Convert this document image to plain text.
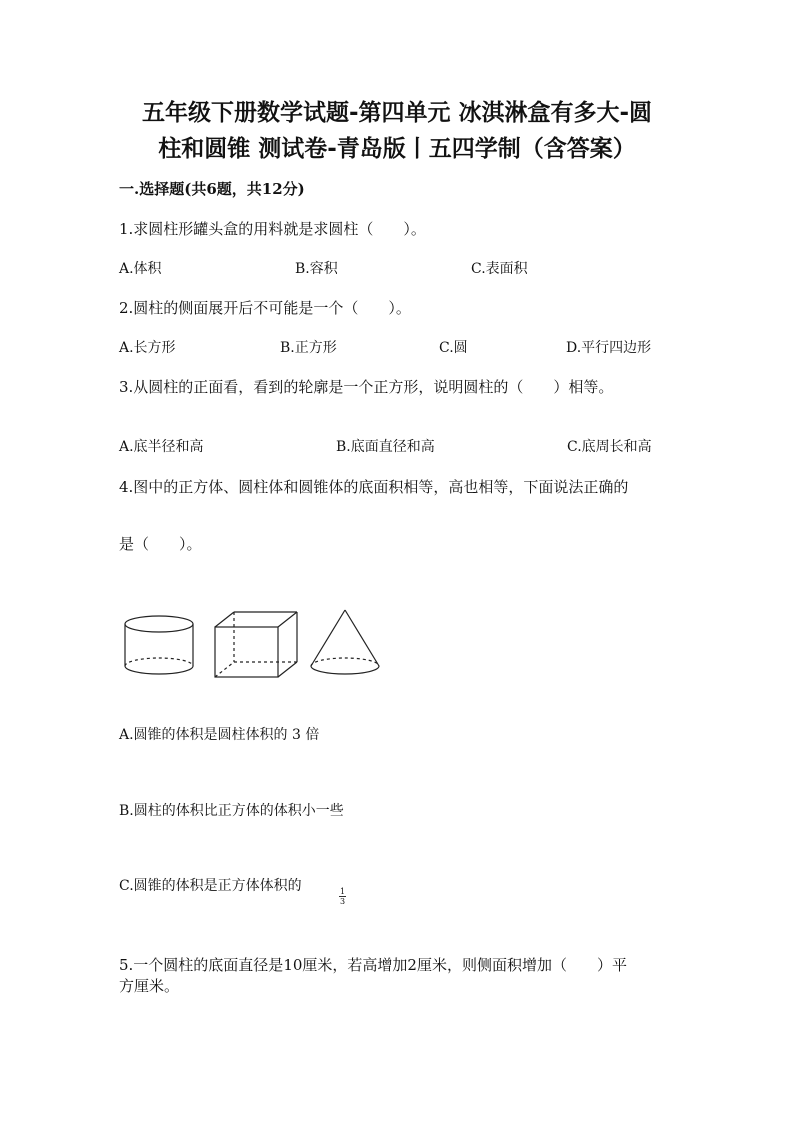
五年级下册数学试题-第四单元 冰淇淋盒有多大-圆
柱和圆锥 测试卷-青岛版丨五四学制（含答案）
一.选择题(共6题，共12分)
1.求圆柱形罐头盒的用料就是求圆柱（　　）。
A.体积	B.容积	C.表面积
2.圆柱的侧面展开后不可能是一个（　　）。
A.长方形	B.正方形	C.圆	D.平行四边形
3.从圆柱的正面看，看到的轮廓是一个正方形，说明圆柱的（　　）相等。
A.底半径和高	B.底面直径和高	C.底周长和高
4.图中的正方体、圆柱体和圆锥体的底面积相等，高也相等，下面说法正确的
是（　　）。
A.圆锥的体积是圆柱体积的 3 倍
B.圆柱的体积比正方体的体积小一些
C.圆锥的体积是正方体体积的	1
3
5.一个圆柱的底面直径是10厘米，若高增加2厘米，则侧面积增加（　　）平
方厘米。
